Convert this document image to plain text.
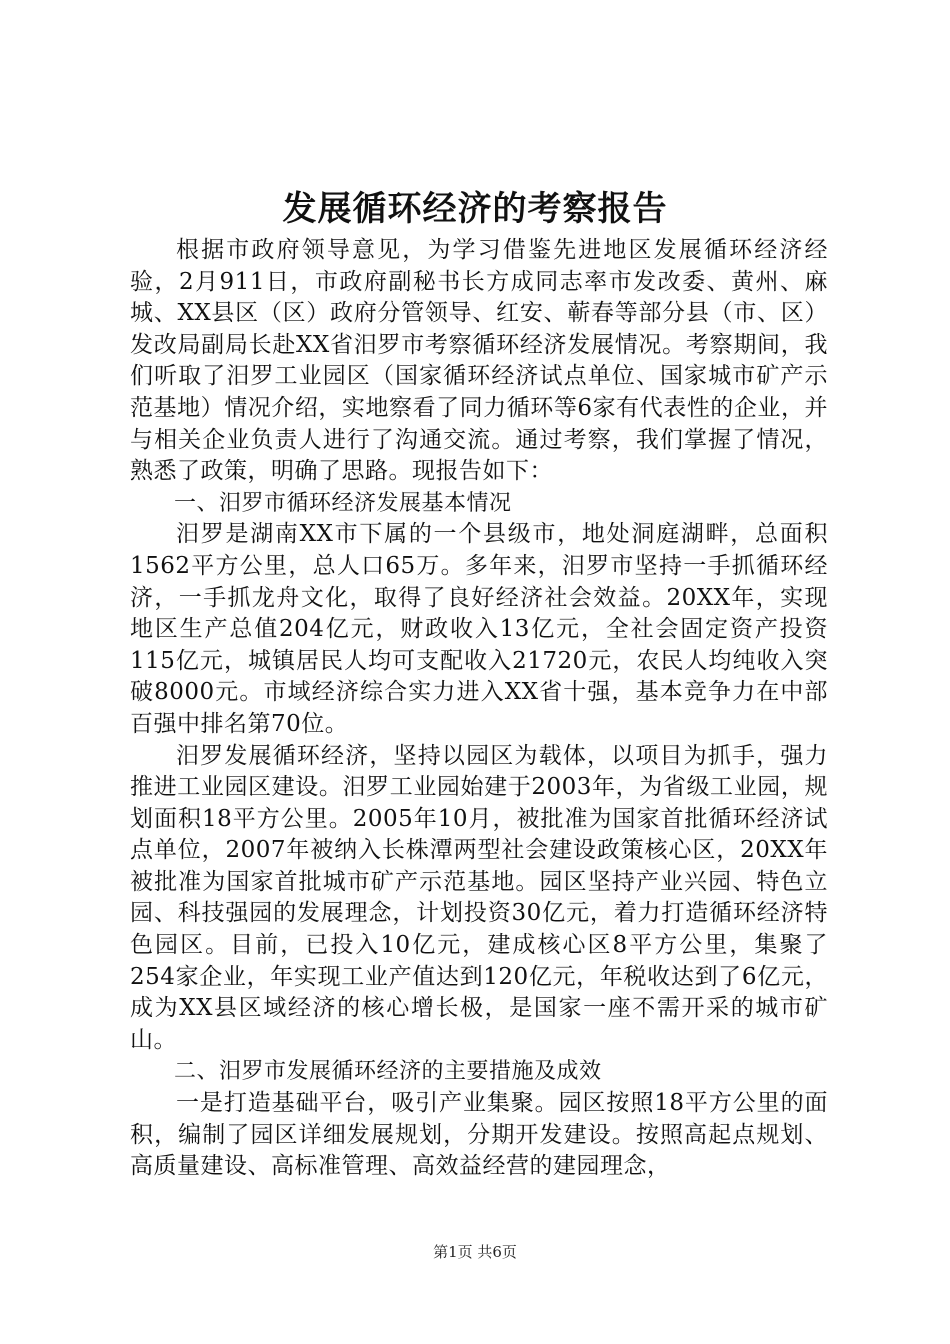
发展循环经济的考察报告

根据市政府领导意见，为学习借鉴先进地区发展循环经济经验，2月911日，市政府副秘书长方成同志率市发改委、黄州、麻城、XX县区（区）政府分管领导、红安、蕲春等部分县（市、区）发改局副局长赴XX省汨罗市考察循环经济发展情况。考察期间，我们听取了汨罗工业园区（国家循环经济试点单位、国家城市矿产示范基地）情况介绍，实地察看了同力循环等6家有代表性的企业，并与相关企业负责人进行了沟通交流。通过考察，我们掌握了情况，熟悉了政策，明确了思路。现报告如下：

一、汨罗市循环经济发展基本情况

汨罗是湖南XX市下属的一个县级市，地处洞庭湖畔，总面积1562平方公里，总人口65万。多年来，汨罗市坚持一手抓循环经济，一手抓龙舟文化，取得了良好经济社会效益。20XX年，实现地区生产总值204亿元，财政收入13亿元，全社会固定资产投资115亿元，城镇居民人均可支配收入21720元，农民人均纯收入突破8000元。市域经济综合实力进入XX省十强，基本竞争力在中部百强中排名第70位。

汨罗发展循环经济，坚持以园区为载体，以项目为抓手，强力推进工业园区建设。汨罗工业园始建于2003年，为省级工业园，规划面积18平方公里。2005年10月，被批准为国家首批循环经济试点单位，2007年被纳入长株潭两型社会建设政策核心区，20XX年被批准为国家首批城市矿产示范基地。园区坚持产业兴园、特色立园、科技强园的发展理念，计划投资30亿元，着力打造循环经济特色园区。目前，已投入10亿元，建成核心区8平方公里，集聚了254家企业，年实现工业产值达到120亿元，年税收达到了6亿元，成为XX县区域经济的核心增长极，是国家一座不需开采的城市矿山。

二、汨罗市发展循环经济的主要措施及成效

一是打造基础平台，吸引产业集聚。园区按照18平方公里的面积，编制了园区详细发展规划，分期开发建设。按照高起点规划、高质量建设、高标准管理、高效益经营的建园理念，

第1页 共6页
